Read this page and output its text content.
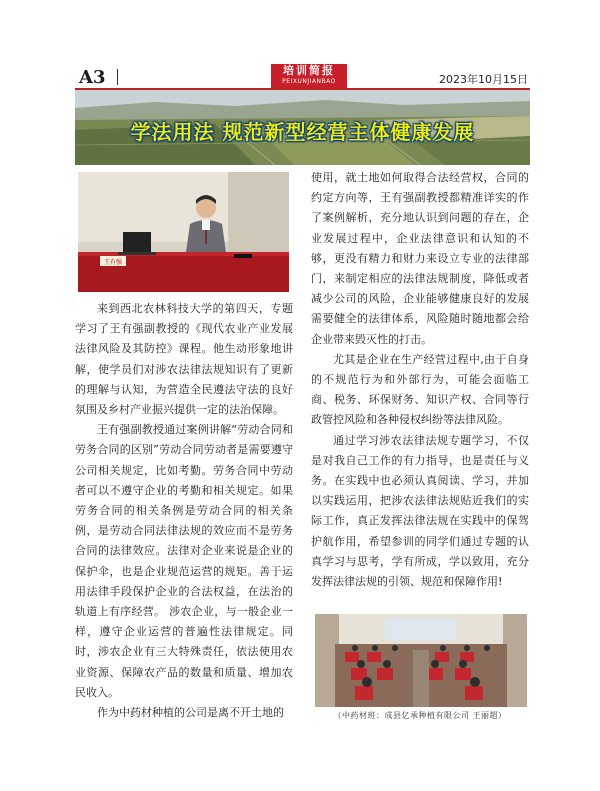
A3	培训简报
PEIXUNJIANBAO	2023年10月15日
学法用法 规范新型经营主体健康发展
王有强

来到西北农林科技大学的第四天，专题学习了王有强副教授的《现代农业产业发展法律风险及其防控》课程。他生动形象地讲解，使学员们对涉农法律法规知识有了更新的理解与认知，为营造全民遵法守法的良好氛围及乡村产业振兴提供一定的法治保障。

王有强副教授通过案例讲解“劳动合同和劳务合同的区别”劳动合同劳动者是需要遵守公司相关规定，比如考勤。劳务合同中劳动者可以不遵守企业的考勤和相关规定。如果劳务合同的相关条例是劳动合同的相关条例，是劳动合同法律法规的效应而不是劳务合同的法律效应。法律对企业来说是企业的保护伞，也是企业规范运营的规矩。善于运用法律手段保护企业的合法权益，在法治的轨道上有序经营。 涉农企业，与一般企业一样，遵守企业运营的普遍性法律规定。同时，涉农企业有三大特殊责任，依法使用农业资源、保障农产品的数量和质量、增加农民收入。

作为中药材种植的公司是离不开土地的

使用，就土地如何取得合法经营权，合同的约定方向等，王有强副教授都精准详实的作了案例解析，充分地认识到问题的存在，企业发展过程中，企业法律意识和认知的不够，更没有精力和财力来设立专业的法律部门，来制定相应的法律法规制度，降低或者减少公司的风险，企业能够健康良好的发展需要健全的法律体系，风险随时随地都会给企业带来毁灭性的打击。

尤其是企业在生产经营过程中,由于自身的不规范行为和外部行为，可能会面临工商、税务、环保财务、知识产权、合同等行政管控风险和各种侵权纠纷等法律风险。

通过学习涉农法律法规专题学习，不仅是对我自己工作的有力指导，也是责任与义务。在实践中也必须认真阅读、学习，并加以实践运用，把涉农法律法规贴近我们的实际工作，真正发挥法律法规在实践中的保驾护航作用，希望参训的同学们通过专题的认真学习与思考，学有所成，学以致用，充分发挥法律法规的引领、规范和保障作用!

（中药材班：成县亿承种植有限公司 王丽超）
